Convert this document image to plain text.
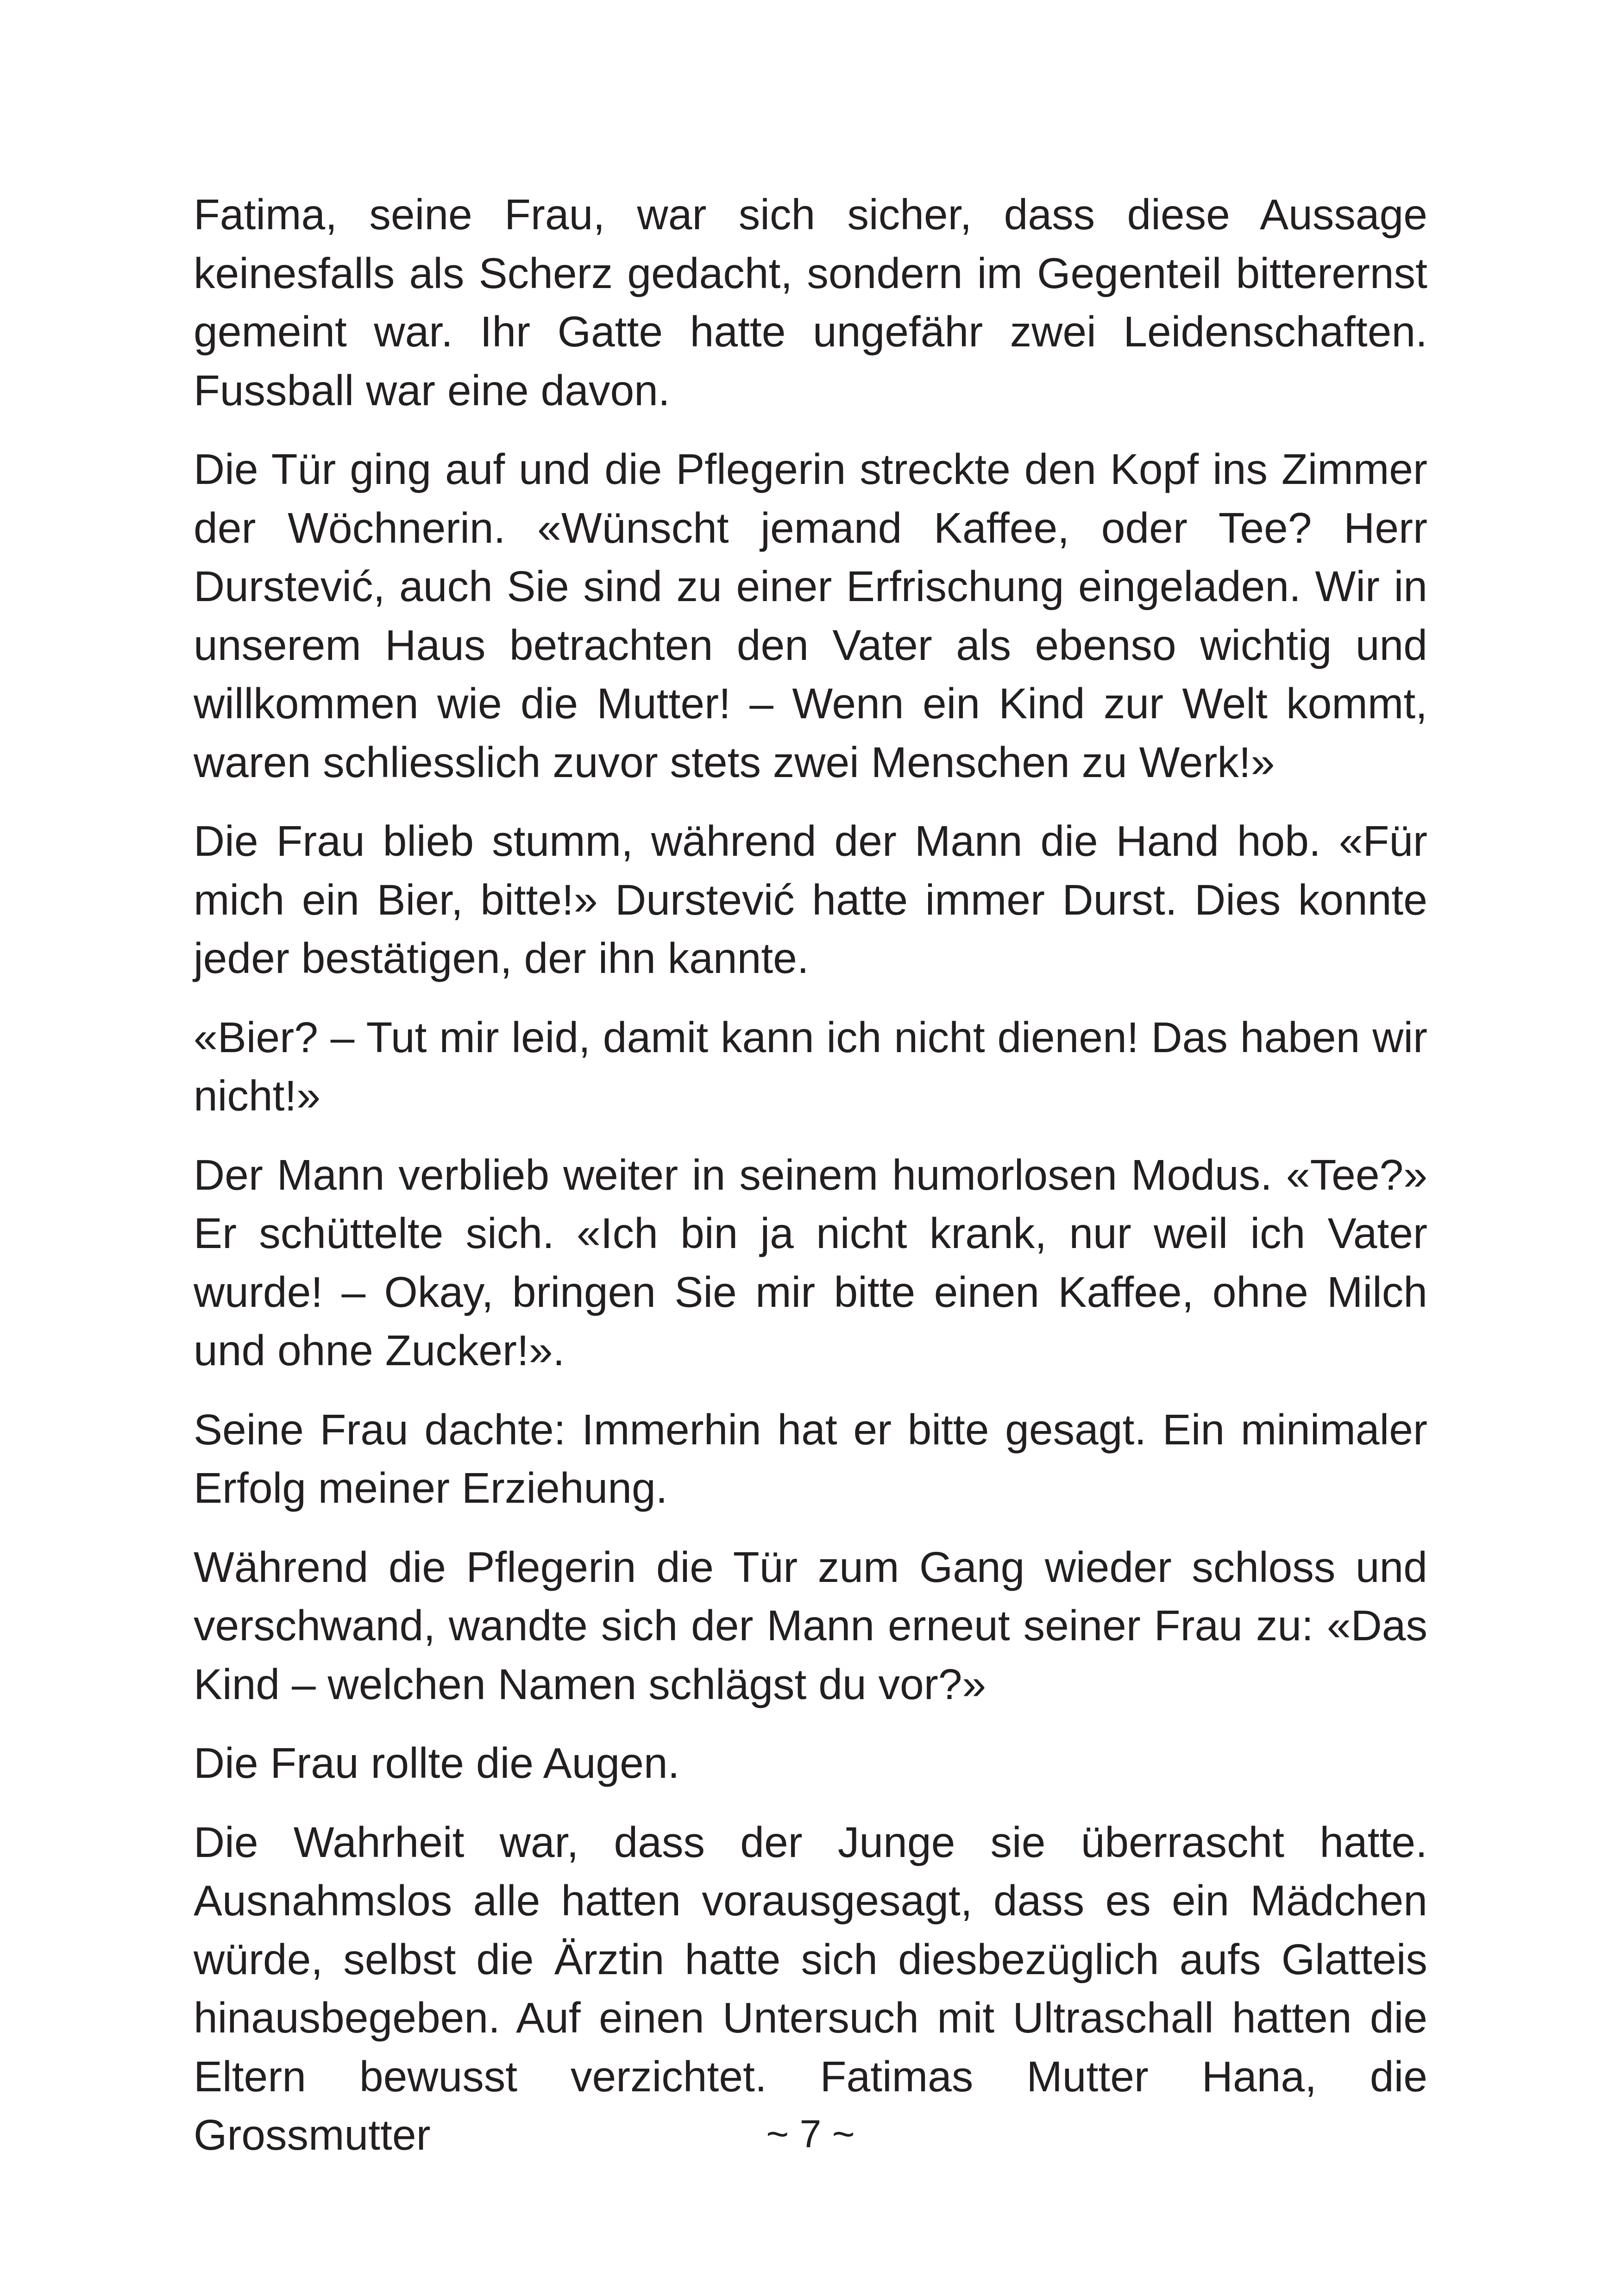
Fatima, seine Frau, war sich sicher, dass diese Aussage keinesfalls als Scherz gedacht, sondern im Gegenteil bitterernst gemeint war. Ihr Gatte hatte ungefähr zwei Leidenschaften. Fussball war eine davon.

Die Tür ging auf und die Pflegerin streckte den Kopf ins Zimmer der Wöchnerin. «Wünscht jemand Kaffee, oder Tee? Herr Durstević, auch Sie sind zu einer Erfrischung eingeladen. Wir in unserem Haus betrachten den Vater als ebenso wichtig und willkommen wie die Mutter! – Wenn ein Kind zur Welt kommt, waren schliesslich zuvor stets zwei Menschen zu Werk!»

Die Frau blieb stumm, während der Mann die Hand hob. «Für mich ein Bier, bitte!» Durstević hatte immer Durst. Dies konnte jeder bestätigen, der ihn kannte.

«Bier? – Tut mir leid, damit kann ich nicht dienen! Das haben wir nicht!»

Der Mann verblieb weiter in seinem humorlosen Modus. «Tee?» Er schüttelte sich. «Ich bin ja nicht krank, nur weil ich Vater wurde! – Okay, bringen Sie mir bitte einen Kaffee, ohne Milch und ohne Zucker!».

Seine Frau dachte: Immerhin hat er bitte gesagt. Ein minimaler Erfolg meiner Erziehung.

Während die Pflegerin die Tür zum Gang wieder schloss und verschwand, wandte sich der Mann erneut seiner Frau zu: «Das Kind – welchen Namen schlägst du vor?»

Die Frau rollte die Augen.

Die Wahrheit war, dass der Junge sie überrascht hatte. Ausnahmslos alle hatten vorausgesagt, dass es ein Mädchen würde, selbst die Ärztin hatte sich diesbezüglich aufs Glatteis hinausbegeben. Auf einen Untersuch mit Ultraschall hatten die Eltern bewusst verzichtet. Fatimas Mutter Hana, die Grossmutter	~ 7 ~
